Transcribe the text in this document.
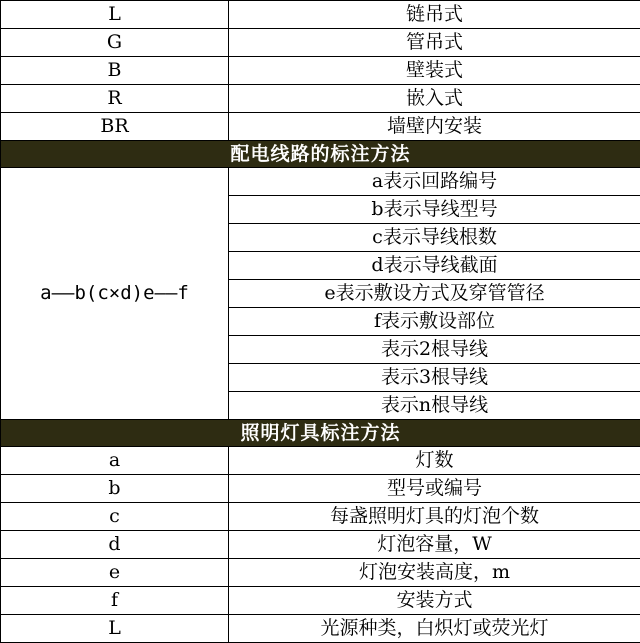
L	链吊式
G	管吊式
B	壁装式
R	嵌入式
BR	墙壁内安装
配电线路的标注方法	
a——b(c×d)e——f	a表示回路编号
	b表示导线型号
	c表示导线根数
	d表示导线截面
	e表示敷设方式及穿管管径
	f表示敷设部位
	表示2根导线
	表示3根导线
	表示n根导线
照明灯具标注方法	
a	灯数
b	型号或编号
c	每盏照明灯具的灯泡个数
d	灯泡容量，W
e	灯泡安装高度，m
f	安装方式
L	光源种类，白炽灯或荧光灯
